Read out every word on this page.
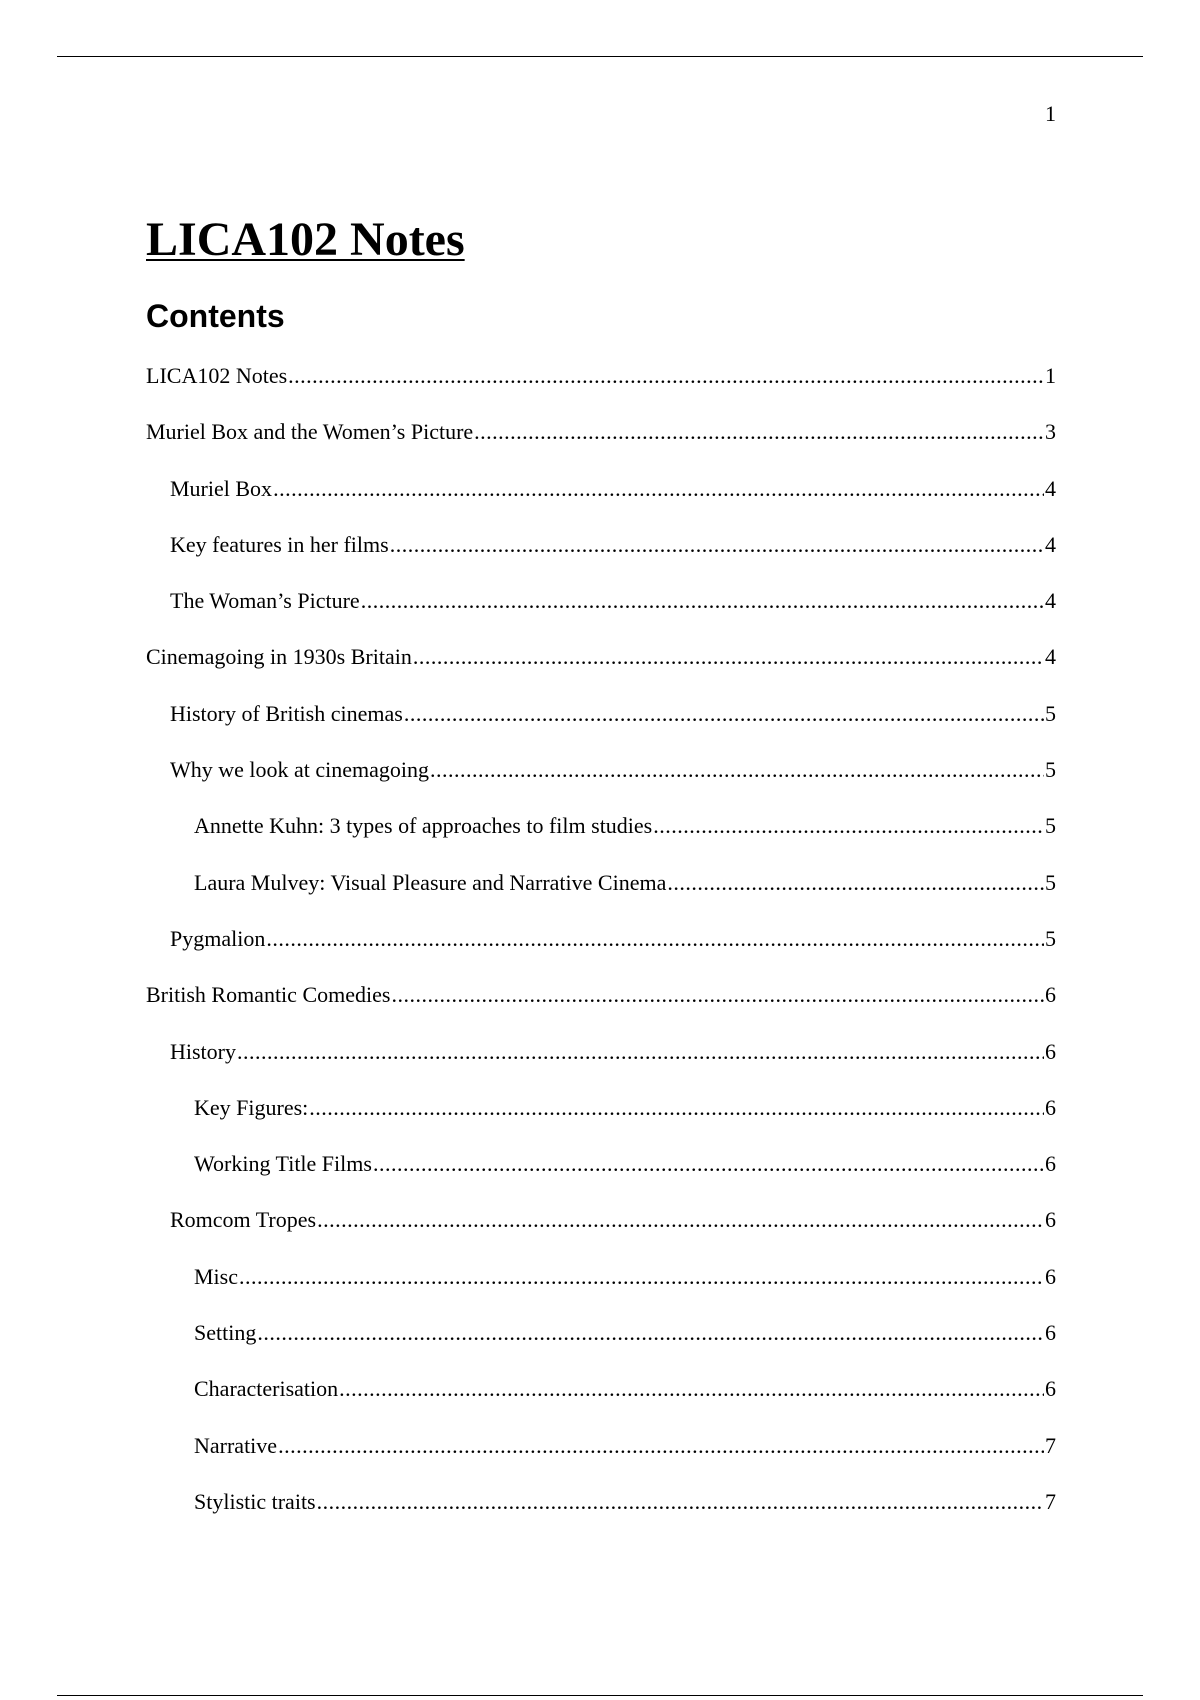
1
LICA102 Notes
Contents
LICA102 Notes .....	1
Muriel Box and the Women’s Picture .....	3
Muriel Box .....	4
Key features in her films .....	4
The Woman’s Picture .....	4
Cinemagoing in 1930s Britain .....	4
History of British cinemas .....	5
Why we look at cinemagoing .....	5
Annette Kuhn: 3 types of approaches to film studies .....	5
Laura Mulvey: Visual Pleasure and Narrative Cinema .....	5
Pygmalion .....	5
British Romantic Comedies .....	6
History .....	6
Key Figures: .....	6
Working Title Films .....	6
Romcom Tropes .....	6
Misc .....	6
Setting .....	6
Characterisation .....	6
Narrative .....	7
Stylistic traits .....	7
